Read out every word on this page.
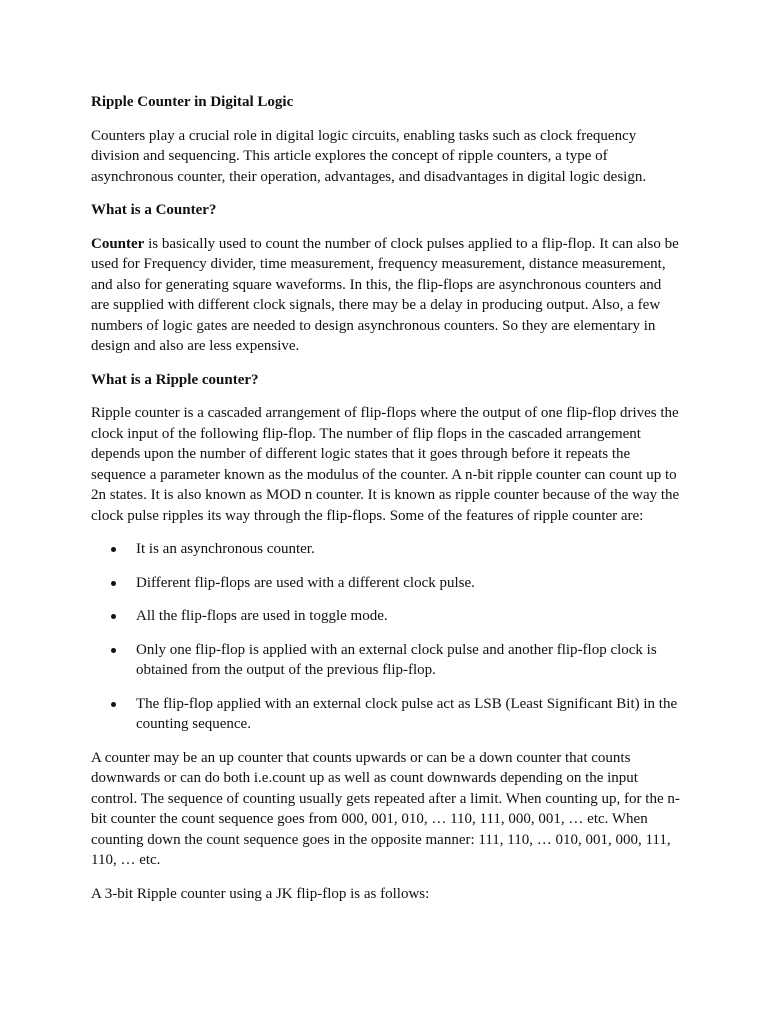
Ripple Counter in Digital Logic

Counters play a crucial role in digital logic circuits, enabling tasks such as clock frequency division and sequencing. This article explores the concept of ripple counters, a type of asynchronous counter, their operation, advantages, and disadvantages in digital logic design.

What is a Counter?

Counter is basically used to count the number of clock pulses applied to a flip-flop. It can also be used for Frequency divider, time measurement, frequency measurement, distance measurement, and also for generating square waveforms. In this, the flip-flops are asynchronous counters and are supplied with different clock signals, there may be a delay in producing output. Also, a few numbers of logic gates are needed to design asynchronous counters. So they are elementary in design and also are less expensive.

What is a Ripple counter?

Ripple counter is a cascaded arrangement of flip-flops where the output of one flip-flop drives the clock input of the following flip-flop. The number of flip flops in the cascaded arrangement depends upon the number of different logic states that it goes through before it repeats the sequence a parameter known as the modulus of the counter. A n-bit ripple counter can count up to 2n states. It is also known as MOD n counter. It is known as ripple counter because of the way the clock pulse ripples its way through the flip-flops. Some of the features of ripple counter are:

It is an asynchronous counter.
Different flip-flops are used with a different clock pulse.
All the flip-flops are used in toggle mode.
Only one flip-flop is applied with an external clock pulse and another flip-flop clock is obtained from the output of the previous flip-flop.
The flip-flop applied with an external clock pulse act as LSB (Least Significant Bit) in the counting sequence.

A counter may be an up counter that counts upwards or can be a down counter that counts downwards or can do both i.e.count up as well as count downwards depending on the input control. The sequence of counting usually gets repeated after a limit. When counting up, for the n-bit counter the count sequence goes from 000, 001, 010, … 110, 111, 000, 001, … etc. When counting down the count sequence goes in the opposite manner: 111, 110, … 010, 001, 000, 111, 110, … etc.

A 3-bit Ripple counter using a JK flip-flop is as follows:
